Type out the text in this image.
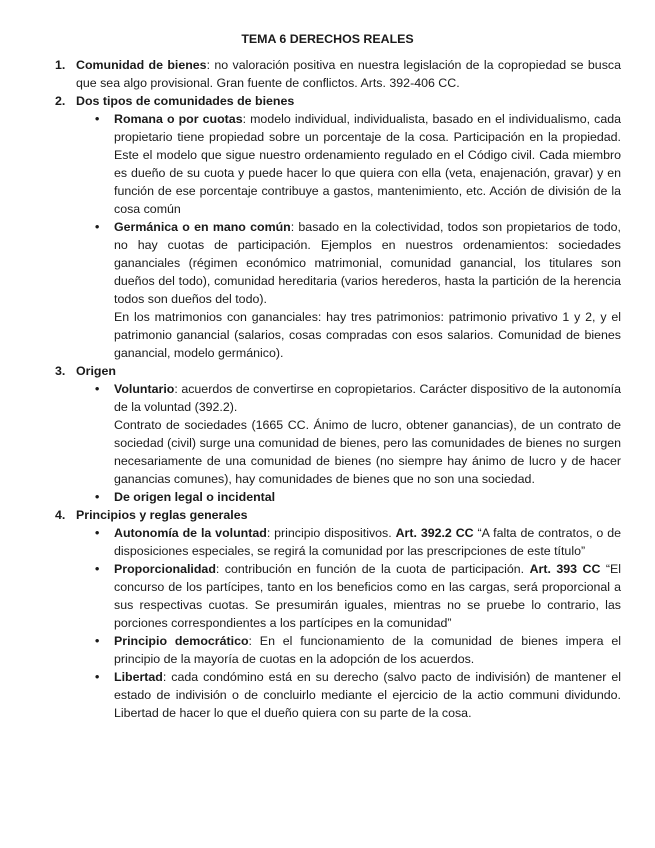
TEMA 6 DERECHOS REALES
1. Comunidad de bienes: no valoración positiva en nuestra legislación de la copropiedad se busca que sea algo provisional. Gran fuente de conflictos. Arts. 392-406 CC.

2. Dos tipos de comunidades de bienes

• Romana o por cuotas: modelo individual, individualista, basado en el individualismo, cada propietario tiene propiedad sobre un porcentaje de la cosa. Participación en la propiedad. Este el modelo que sigue nuestro ordenamiento regulado en el Código civil. Cada miembro es dueño de su cuota y puede hacer lo que quiera con ella (veta, enajenación, gravar) y en función de ese porcentaje contribuye a gastos, mantenimiento, etc. Acción de división de la cosa común

• Germánica o en mano común: basado en la colectividad, todos son propietarios de todo, no hay cuotas de participación. Ejemplos en nuestros ordenamientos: sociedades gananciales (régimen económico matrimonial, comunidad ganancial, los titulares son dueños del todo), comunidad hereditaria (varios herederos, hasta la partición de la herencia todos son dueños del todo).

En los matrimonios con gananciales: hay tres patrimonios: patrimonio privativo 1 y 2, y el patrimonio ganancial (salarios, cosas compradas con esos salarios. Comunidad de bienes ganancial, modelo germánico).

3. Origen

• Voluntario: acuerdos de convertirse en copropietarios. Carácter dispositivo de la autonomía de la voluntad (392.2).

Contrato de sociedades (1665 CC. Ánimo de lucro, obtener ganancias), de un contrato de sociedad (civil) surge una comunidad de bienes, pero las comunidades de bienes no surgen necesariamente de una comunidad de bienes (no siempre hay ánimo de lucro y de hacer ganancias comunes), hay comunidades de bienes que no son una sociedad.

• De origen legal o incidental

4. Principios y reglas generales

• Autonomía de la voluntad: principio dispositivos. Art. 392.2 CC “A falta de contratos, o de disposiciones especiales, se regirá la comunidad por las prescripciones de este título”

• Proporcionalidad: contribución en función de la cuota de participación. Art. 393 CC “El concurso de los partícipes, tanto en los beneficios como en las cargas, será proporcional a sus respectivas cuotas. Se presumirán iguales, mientras no se pruebe lo contrario, las porciones correspondientes a los partícipes en la comunidad”

• Principio democrático: En el funcionamiento de la comunidad de bienes impera el principio de la mayoría de cuotas en la adopción de los acuerdos.

• Libertad: cada condómino está en su derecho (salvo pacto de indivisión) de mantener el estado de indivisión o de concluirlo mediante el ejercicio de la actio communi dividundo. Libertad de hacer lo que el dueño quiera con su parte de la cosa.
